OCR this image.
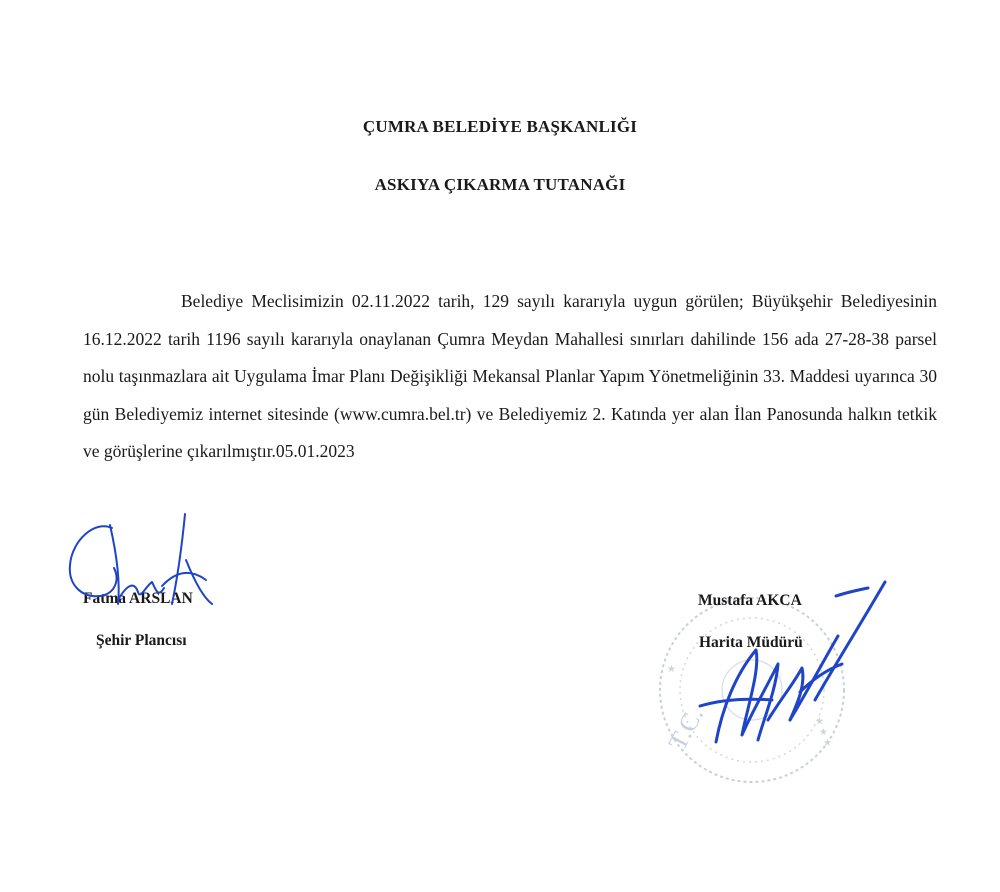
ÇUMRA BELEDİYE BAŞKANLIĞI
ASKIYA ÇIKARMA TUTANAĞI

Belediye Meclisimizin 02.11.2022 tarih, 129 sayılı kararıyla uygun görülen; Büyükşehir Belediyesinin 16.12.2022 tarih 1196 sayılı kararıyla onaylanan Çumra Meydan Mahallesi sınırları dahilinde 156 ada 27-28-38 parsel nolu taşınmazlara ait Uygulama İmar Planı Değişikliği Mekansal Planlar Yapım Yönetmeliğinin 33. Maddesi uyarınca 30 gün Belediyemiz internet sitesinde (www.cumra.bel.tr) ve Belediyemiz 2. Katında yer alan İlan Panosunda halkın tetkik ve görüşlerine çıkarılmıştır.05.01.2023

T.C.	★ ★ ★
★
Fatma ARSLAN
Şehir Plancısı
Mustafa AKCA
Harita Müdürü
